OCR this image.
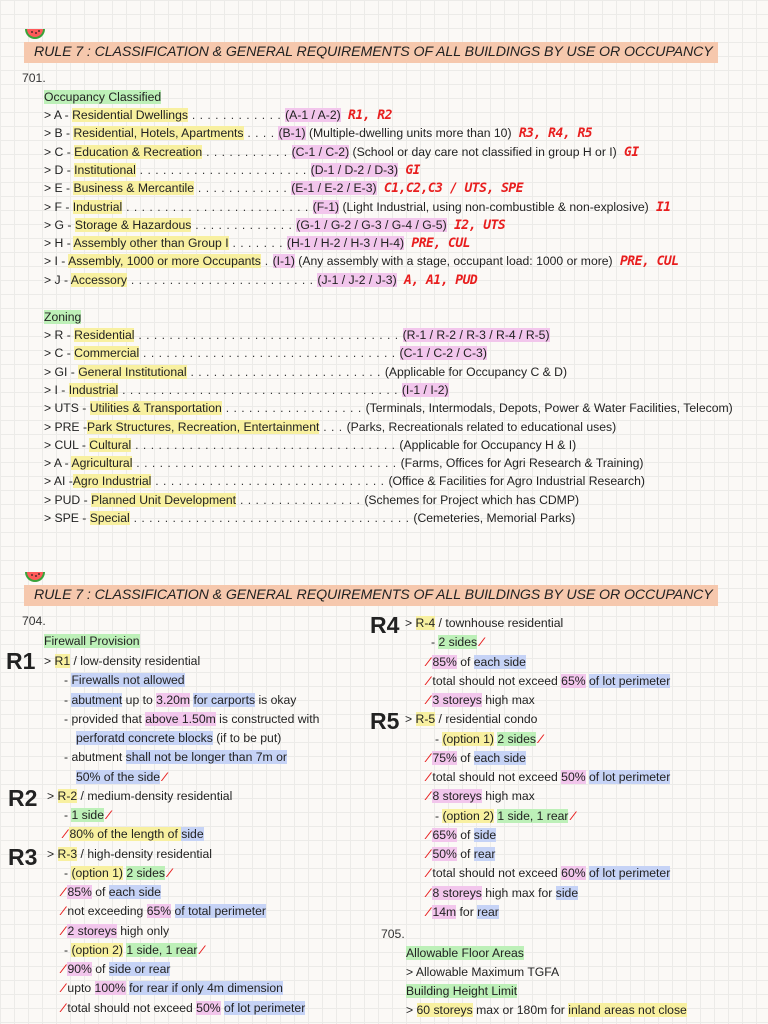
RULE 7 : CLASSIFICATION & GENERAL REQUIREMENTS OF ALL BUILDINGS BY USE OR OCCUPANCY
701.
Occupancy Classified
> A - Residential Dwellings . . . . . . . . . . . . (A-1 / A-2) R1, R2
> B - Residential, Hotels, Apartments . . . . (B-1) (Multiple-dwelling units more than 10) R3, R4, R5
> C - Education & Recreation . . . . . . . . . . . (C-1 / C-2) (School or day care not classified in group H or I) GI
> D - Institutional . . . . . . . . . . . . . . . . . . . . . . (D-1 / D-2 / D-3) GI
> E - Business & Mercantile . . . . . . . . . . . . (E-1 / E-2 / E-3) C1,C2,C3 / UTS, SPE
> F - Industrial . . . . . . . . . . . . . . . . . . . . . . . . (F-1) (Light Industrial, using non-combustible & non-explosive) I1
> G - Storage & Hazardous . . . . . . . . . . . . . (G-1 / G-2 / G-3 / G-4 / G-5) I2, UTS
> H - Assembly other than Group I . . . . . . . (H-1 / H-2 / H-3 / H-4) PRE, CUL
> I - Assembly, 1000 or more Occupants . (I-1) (Any assembly with a stage, occupant load: 1000 or more) PRE, CUL
> J - Accessory . . . . . . . . . . . . . . . . . . . . . . . . (J-1 / J-2 / J-3) A, A1, PUD
Zoning
> R - Residential . . . . . . . . . . . . . . . . . . . . . . . . . . . . . . . . . . (R-1 / R-2 / R-3 / R-4 / R-5)
> C - Commercial . . . . . . . . . . . . . . . . . . . . . . . . . . . . . . . . . (C-1 / C-2 / C-3)
> GI - General Institutional . . . . . . . . . . . . . . . . . . . . . . . . . (Applicable for Occupancy C & D)
> I - Industrial . . . . . . . . . . . . . . . . . . . . . . . . . . . . . . . . . . . . (I-1 / I-2)
> UTS - Utilities & Transportation . . . . . . . . . . . . . . . . . . (Terminals, Intermodals, Depots, Power & Water Facilities, Telecom)
> PRE -Park Structures, Recreation, Entertainment . . . (Parks, Recreationals related to educational uses)
> CUL - Cultural . . . . . . . . . . . . . . . . . . . . . . . . . . . . . . . . . . (Applicable for Occupancy H & I)
> A - Agricultural . . . . . . . . . . . . . . . . . . . . . . . . . . . . . . . . . . (Farms, Offices for Agri Research & Training)
> AI -Agro Industrial . . . . . . . . . . . . . . . . . . . . . . . . . . . . . . (Office & Facilities for Agro Industrial Research)
> PUD - Planned Unit Development . . . . . . . . . . . . . . . . (Schemes for Project which has CDMP)
> SPE - Special . . . . . . . . . . . . . . . . . . . . . . . . . . . . . . . . . . . . (Cemeteries, Memorial Parks)
RULE 7 : CLASSIFICATION & GENERAL REQUIREMENTS OF ALL BUILDINGS BY USE OR OCCUPANCY
704.
Firewall Provision
R1
R2
R3
R4
R5
> R1 / low-density residential
- Firewalls not allowed
- abutment up to 3.20m for carports is okay
- provided that above 1.50m is constructed with
perforatd concrete blocks (if to be put)
- abutment shall not be longer than 7m or
50% of the side ⁄
> R-2 / medium-density residential
- 1 side ⁄
⁄ 80% of the length of side
> R-3 / high-density residential
- (option 1) 2 sides ⁄
⁄ 85% of each side
⁄ not exceeding 65% of total perimeter
⁄ 2 storeys high only
- (option 2) 1 side, 1 rear ⁄
⁄ 90% of side or rear
⁄ upto 100% for rear if only 4m dimension
⁄ total should not exceed 50% of lot perimeter
> R-4 / townhouse residential
- 2 sides ⁄
⁄ 85% of each side
⁄ total should not exceed 65% of lot perimeter
⁄ 3 storeys high max
> R-5 / residential condo
- (option 1) 2 sides ⁄
⁄ 75% of each side
⁄ total should not exceed 50% of lot perimeter
⁄ 8 storeys high max
- (option 2) 1 side, 1 rear ⁄
⁄ 65% of side
⁄ 50% of rear
⁄ total should not exceed 60% of lot perimeter
⁄ 8 storeys high max for side
⁄ 14m for rear
705.
Allowable Floor Areas
> Allowable Maximum TGFA
Building Height Limit
> 60 storeys max or 180m for inland areas not close
